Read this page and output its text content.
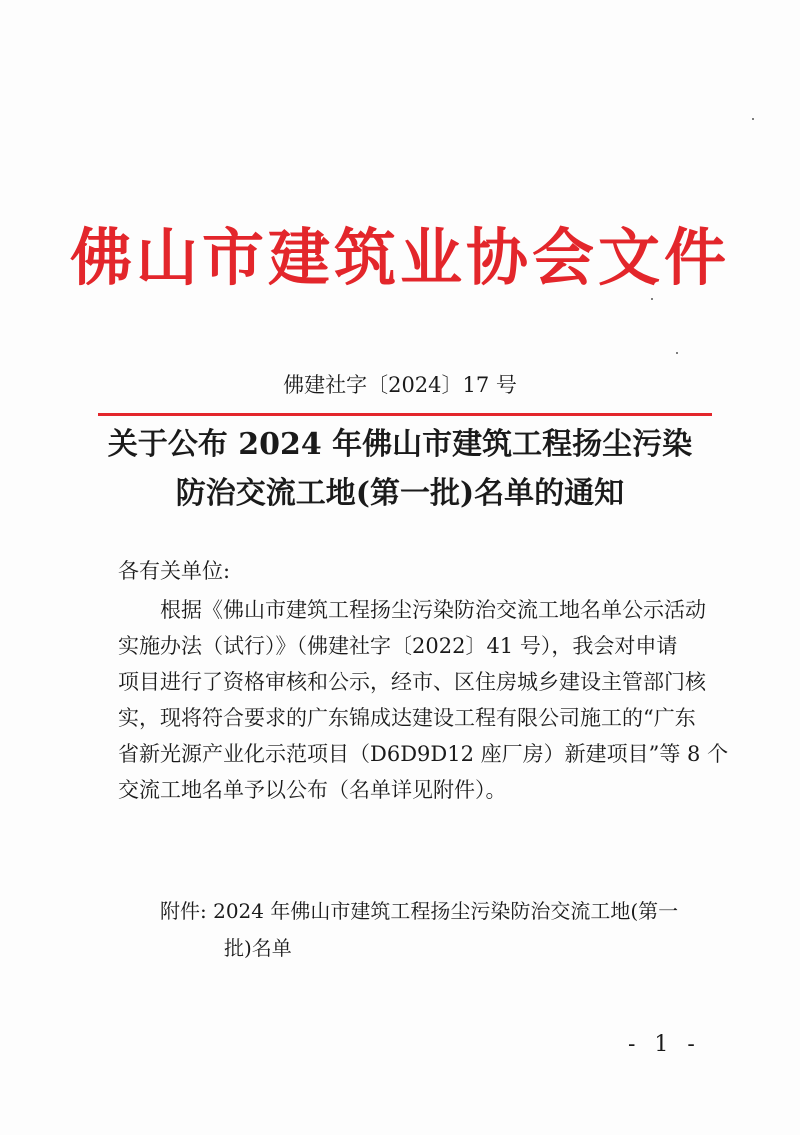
佛山市建筑业协会文件
佛建社字〔2024〕17 号
关于公布 2024 年佛山市建筑工程扬尘污染
防治交流工地(第一批)名单的通知
各有关单位:
根据《佛山市建筑工程扬尘污染防治交流工地名单公示活动
实施办法（试行）》（佛建社字〔2022〕41 号），我会对申请
项目进行了资格审核和公示，经市、区住房城乡建设主管部门核
实，现将符合要求的广东锦成达建设工程有限公司施工的“广东
省新光源产业化示范项目（D6D9D12 座厂房）新建项目”等 8 个
交流工地名单予以公布（名单详见附件）。
附件: 2024 年佛山市建筑工程扬尘污染防治交流工地(第一
批)名单
- 1 -
